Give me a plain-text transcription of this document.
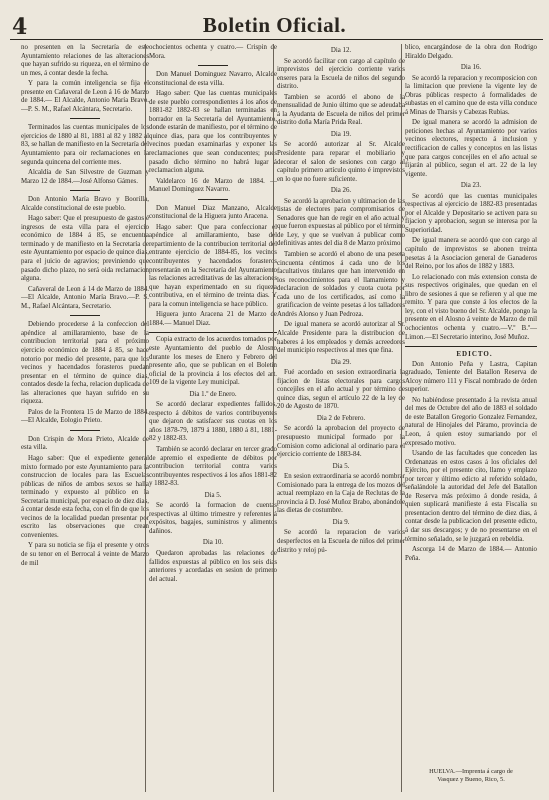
4	Boletin Oficial.

no presenten en la Secretaría de este Ayuntamiento relaciones de las alteraciones que hayan sufrido su riqueza, en el término de un mes, á contar desde la fecha.

Y para la común inteligencia se fija el presente en Cañaveral de Leon á 16 de Marzo de 1884.— El Alcalde, Antonio María Bravo. —P. S. M., Rafael Alcántara, Secretario.

Terminados las cuentas municipales de los ejercicios de 1880 al 81, 1881 al 82 y 1882 al 83, se hallan de manifiesto en la Secretaría del Ayuntamiento para oir reclamaciones en la segunda quincena del corriente mes.

Alcaldía de San Silvestre de Guzman y Marzo 12 de 1884.—José Alfonso Gámes.

Don Antonio María Bravo y Boorilla, Alcalde constitucional de este pueblo.

Hago saber: Que el presupuesto de gastos é ingresos de esta villa para el ejercicio económico de 1884 á 85, se encuentra terminado y de manifiesto en la Secretaría de este Ayuntamiento por espacio de quince dias, para el juicio de agravios; previniendo que pasado dicho plazo, no será oida reclamacion alguna.

Cañaveral de Leon á 14 de Marzo de 1884.—El Alcalde, Antonio María Bravo.—P. S. M., Rafael Alcántara, Secretario.

Debiendo procederse á la confeccion del apéndice al amillaramiento, base de la contribucion territorial para el próximo ejercicio económico de 1884 á 85, se hace notorio por medio del presente, para que los vecinos y hacendados forasteros puedan presentar en el término de quince dias, contados desde la fecha, relacion duplicada de las alteraciones que hayan sufrido en su riqueza.

Palos de la Frontera 15 de Marzo de 1884.—El Alcalde, Eologio Prieto.

Don Crispin de Mora Prieto, Alcalde de esta villa.

Hago saber: Que el expediente general mixto formado por este Ayuntamiento para la construccion de locales para las Escuelas públicas de niños de ambos sexos se halla terminado y expuesto al público en la Secretaría municipal, por espacio de diez dias, á contar desde esta fecha, con el fin de que los vecinos de la localidad puedan presentar por escrito las observaciones que crean convenientes.

Y para su noticia se fija el presente y otros de su tenor en el Berrocal á veinte de Marzo de mil

ochocientos ochenta y cuatro.— Crispin de Mora.

Don Manuel Dominguez Navarro, Alcalde constitucional de esta villa.

Hago saber: Que las cuentas municipales de este pueblo correspondientes á los años de 1881-82 1882-83 se hallan terminadas en borrador en la Secretaría del Ayuntamiento, donde estarán de manifiesto, por el término de quince dias, para que los contribuyentes y vecinos puedan examinarlas y exponer las reclamaciones que sean conducentes; pues pasado dicho término no habrá lugar á reclamacion alguna.

Valdelarco 16 de Marzo de 1884. —Manuel Dominguez Navarro.

Don Manuel Diaz Manzano, Alcalde constitucional de la Higuera junto Aracena.

Hago saber: Que para confeccionar el apéndice al amillaramiento, base del repartimiento de la contribucion territorial del entrante ejercicio de 1884-85, los vecinos contribuyentes y hacendados forasteros presentarán en la Secretaría del Ayuntamiento las relaciones acreditativas de las alteraciones que hayan experimentado en su riqueza contributiva, en el término de treinta dias. Y para la comun inteligencia se hace público.

Higuera junto Aracena 21 de Marzo de 1884.— Manuel Diaz.

Copia extracto de los acuerdos tomados por este Ayuntamiento del pueblo de Alosno durante los meses de Enero y Febrero del presente año, que se publican en el Boletin oficial de la provincia á los efectos del art. 109 de la vigente Ley municipal.

Dia 1.º de Enero.

Se acordó declarar expedientes fallidos, respecto á débitos de varios contribuyentes que dejaron de satisfacer sus cuotas en los años 1878-79, 1879 á 1880, 1880 á 81, 1881-82 y 1882-83.

También se acordó declarar en tercer grado de apremio el expediente de débitos por contribucion territorial contra varios contribuyentes respectivos á los años 1881-82 y 1882-83.

Dia 5.

Se acordó la formacion de cuentas respectivas al último trimestre y referentes á expósitos, bagajes, suministros y alimentos dañinos.

Dia 10.

Quedaron aprobadas las relaciones de fallidos expuestas al público en los seis dias anteriores y acordadas en sesion de primero del actual.

Dia 12.

Se acordó facilitar con cargo al capítulo de imprevistos del ejercicio corriente varios enseres para la Escuela de niños del segundo distrito.

Tambien se acordó el abono de la mensualidad de Junio último que se adeudaba á la Ayudanta de Escuela de niños del primer distrito doña María Prida Real.

Dia 19.

Se acordó autorizar al Sr. Alcalde Presidente para reparar el mobiliario y decorar el salon de sesiones con cargo al capítulo primero artículo quinto é imprevistos en lo que no fuere suficiente.

Dia 26.

Se acordó la aprobacion y ultimacion de las listas de electores para compromisarios de Senadores que han de regir en el año actual y que fueron expuestas al público por el término de Ley, y que se vuelvan á publicar como definitivas antes del dia 8 de Marzo próximo.

Tambien se acordó el abono de una peseta cincuenta céntimos á cada uno de los facultativos titulares que han intervenido en los reconocimientos para el llamamiento y declaracion de soldados y cuota cuota por cada uno de los certificados, así como la gratificacion de veinte pesetas á los talladores Andrés Alonso y Juan Pedroza.

De igual manera se acordó autorizar al Sr. Alcalde Presidente para la distribucion de haberes á los empleados y demás acreedores del municipio respectivos al mes que fina.

Dia 29.

Fué acordado en sesion extraordinaria la fijacion de listas electorales para cargos concejiles en el año actual y por término de quince dias, segun el artículo 22 de la ley de 20 de Agosto de 1870.

Dia 2 de Febrero.

Se acordó la aprobacion del proyecto de presupuesto municipal formado por la Comision como adicional al ordinario para el ejercicio corriente de 1883-84.

Dia 5.

En sesion extraordinaria se acordó nombrar Comisionado para la entrega de los mozos del actual reemplazo en la Caja de Reclutas de la provincia á D. José Muñoz Brabo, abonándole las dietas de costumbre.

Dia 9.

Se acordó la reparacion de varios desperfectos en la Escuela de niños del primer distrito y reloj pú-

blico, encargándose de la obra don Rodrigo Hiraldo Delgado.

Dia 16.

Se acordó la reparacion y recomposicion con la limitacion que previene la vigente ley de Obras públicas respecto á formalidades de subastas en el camino que de esta villa conduce á Minas de Tharsis y Cabezas Rubias.

De igual manera se acordó la admision de peticiones hechas al Ayuntamiento por varios vecinos electores, respecto á inclusion y rectificacion de calles y conceptos en las listas que para cargos concejiles en el año actual se fijarán al público, segun el art. 22 de la ley vigente.

Dia 23.

Se acordó que las cuentas municipales respectivas al ejercicio de 1882-83 presentadas por el Alcalde y Depositario se activen para su fijacion y aprobacion, segun se interesa por la Superioridad.

De igual manera se acordó que con cargo al capítulo de imprevistos se abonen treinta pesetas á la Asociacion general de Ganaderos del Reino, por los años de 1882 y 1883.

Lo relacionado con más extension consta de sus respectivos originales, que quedan en el libro de sesiones á que se refieren y al que me remito. Y para que conste á los efectos de la ley, con el visto bueno del Sr. Alcalde, pongo la presente en el Alosno á veinte de Marzo de mil ochocientos ochenta y cuatro.—V.º B.º—Limon.—El Secretario interino, José Muñoz.

EDICTO.

Don Antonio Peña y Lastra, Capitan graduado, Teniente del Batallon Reserva de Alcoy número 111 y Fiscal nombrado de órden superior.

No habiéndose presentado á la revista anual del mes de Octubre del año de 1883 el soldado de este Batallon Gregorio Gonzalez Fernandez, natural de Hinojales del Páramo, provincia de Leon, á quien estoy sumariando por el expresado motivo.

Usando de las facultades que conceden las Ordenanzas en estos casos á los oficiales del Ejército, por el presente cito, llamo y emplazo por tercer y último edicto al referido soldado, señalándole la autoridad del Jefe del Batallon de Reserva más próximo á donde resida, á quien suplicará manifieste á esta Fiscalía su presentacion dentro del término de diez dias, á contar desde la publicacion del presente edicto, á dar sus descargos; y de no presentarse en el término señalado, se le juzgará en rebeldía.

Ascorga 14 de Marzo de 1884.— Antonio Peña.

HUELVA.—Imprenta á cargo de
Vasquez y Bueno, Rico, 5.
